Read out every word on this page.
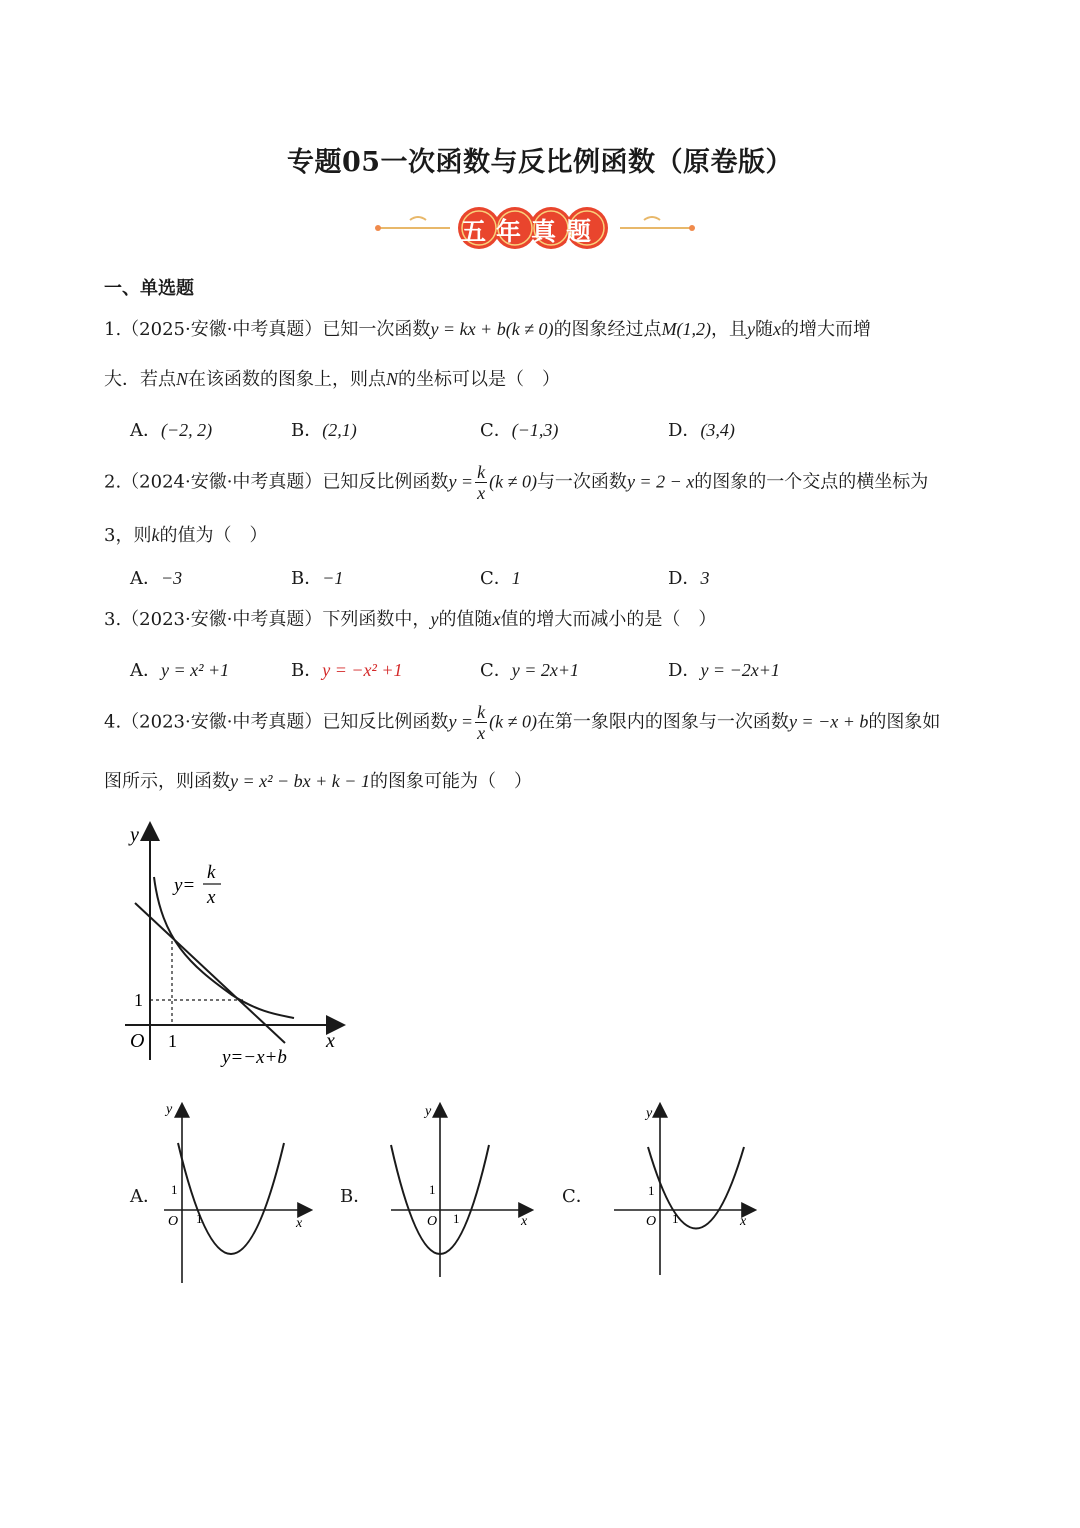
专题05一次函数与反比例函数（原卷版）
五年真题
一、单选题
1.（2025·安徽·中考真题）已知一次函数y = kx + b(k ≠ 0)的图象经过点M(1,2)，且y随x的增大而增
大．若点N在该函数的图象上，则点N的坐标可以是（　）
A．(−2, 2)	B．(2,1)	C．(−1,3)	D．(3,4)
2.（2024·安徽·中考真题）已知反比例函数$y = \frac{k}{x} (k \ne 0)$与一次函数y = 2 − x的图象的一个交点的横坐标为
3，则k的值为（　）
A．−3	B．−1	C．1	D．3
3.（2023·安徽·中考真题）下列函数中，y的值随x值的增大而减小的是（　）
A．y = x² +1	B．y = −x² +1	C．y = 2x+1	D．y = −2x+1
4.（2023·安徽·中考真题）已知反比例函数$y = \frac{k}{x} (k \ne 0)$在第一象限内的图象与一次函数y = −x + b的图象如
图所示，则函数y = x² − bx + k − 1的图象可能为（　）
y
x
O 1
1
y=
k
x
y=−x+b
A．
y
x
O 1
1	B．
y
x
O 1
1	C．
y
x
O 1
1
